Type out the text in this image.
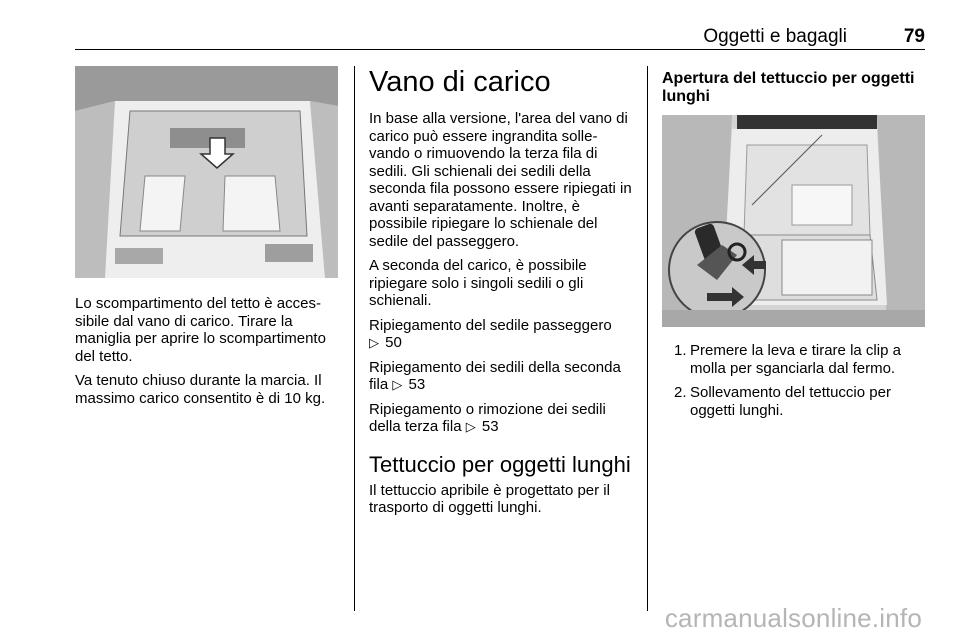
Oggetti e bagagli	79

Lo scompartimento del tetto è acces-sibile dal vano di carico. Tirare la maniglia per aprire lo scompartimento del tetto.

Va tenuto chiuso durante la marcia. Il massimo carico consentito è di 10 kg.

Vano di carico

In base alla versione, l'area del vano di carico può essere ingrandita solle-vando o rimuovendo la terza fila di sedili. Gli schienali dei sedili della seconda fila possono essere ripiegati in avanti separatamente. Inoltre, è possibile ripiegare lo schienale del sedile del passeggero.

A seconda del carico, è possibile ripiegare solo i singoli sedili o gli schienali.

Ripiegamento del sedile passeggero
▷ 50

Ripiegamento dei sedili della seconda fila ▷ 53

Ripiegamento o rimozione dei sedili della terza fila ▷ 53

Tettuccio per oggetti lunghi

Il tettuccio apribile è progettato per il trasporto di oggetti lunghi.

Apertura del tettuccio per oggetti lunghi
1. Premere la leva e tirare la clip a molla per sganciarla dal fermo.
2. Sollevamento del tettuccio per oggetti lunghi.
carmanualsonline.info
